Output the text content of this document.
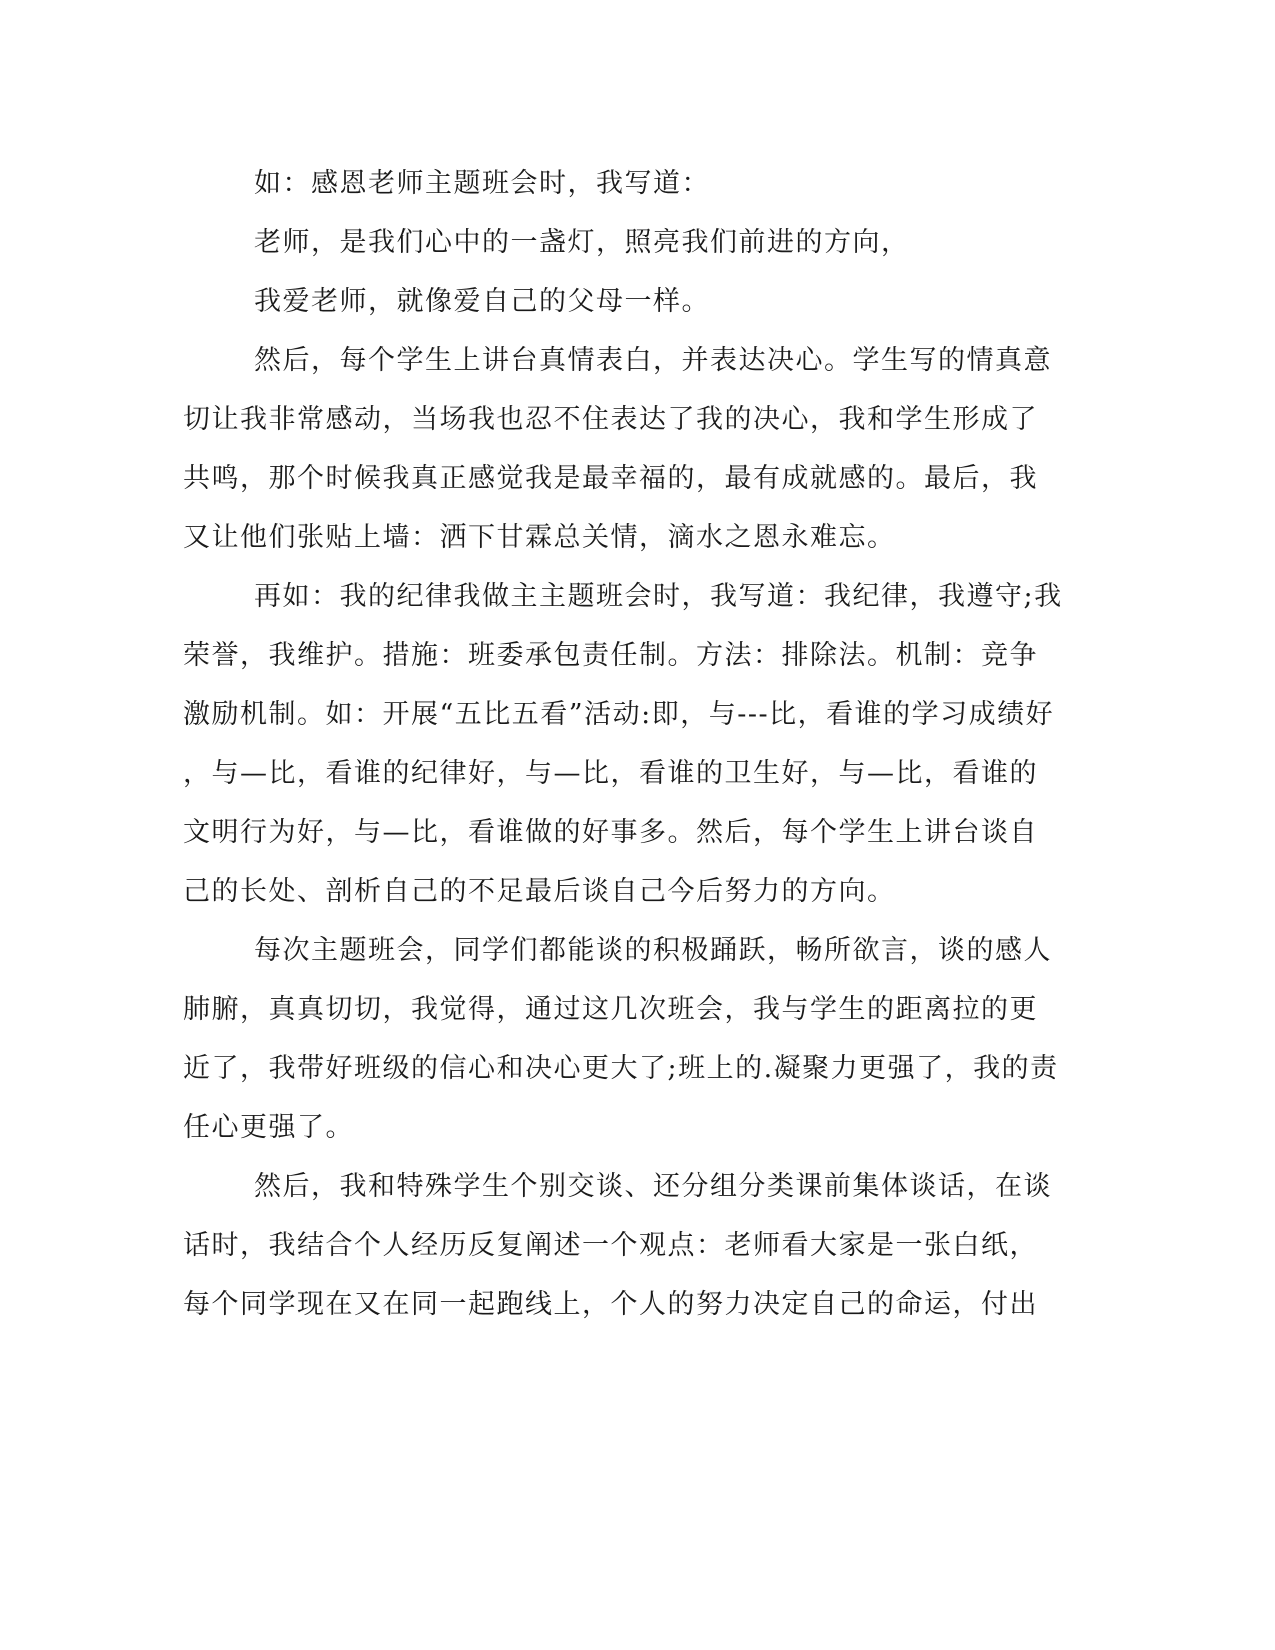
如：感恩老师主题班会时，我写道：
老师，是我们心中的一盏灯，照亮我们前进的方向，
我爱老师，就像爱自己的父母一样。
然后，每个学生上讲台真情表白，并表达决心。学生写的情真意
切让我非常感动，当场我也忍不住表达了我的决心，我和学生形成了
共鸣，那个时候我真正感觉我是最幸福的，最有成就感的。最后，我
又让他们张贴上墙：洒下甘霖总关情，滴水之恩永难忘。
再如：我的纪律我做主主题班会时，我写道：我纪律，我遵守;我
荣誉，我维护。措施：班委承包责任制。方法：排除法。机制：竞争
激励机制。如：开展“五比五看”活动:即，与---比，看谁的学习成绩好
，与—比，看谁的纪律好，与—比，看谁的卫生好，与—比，看谁的
文明行为好，与—比，看谁做的好事多。然后，每个学生上讲台谈自
己的长处、剖析自己的不足最后谈自己今后努力的方向。
每次主题班会，同学们都能谈的积极踊跃，畅所欲言，谈的感人
肺腑，真真切切，我觉得，通过这几次班会，我与学生的距离拉的更
近了，我带好班级的信心和决心更大了;班上的.凝聚力更强了，我的责
任心更强了。
然后，我和特殊学生个别交谈、还分组分类课前集体谈话，在谈
话时，我结合个人经历反复阐述一个观点：老师看大家是一张白纸，
每个同学现在又在同一起跑线上，个人的努力决定自己的命运，付出
